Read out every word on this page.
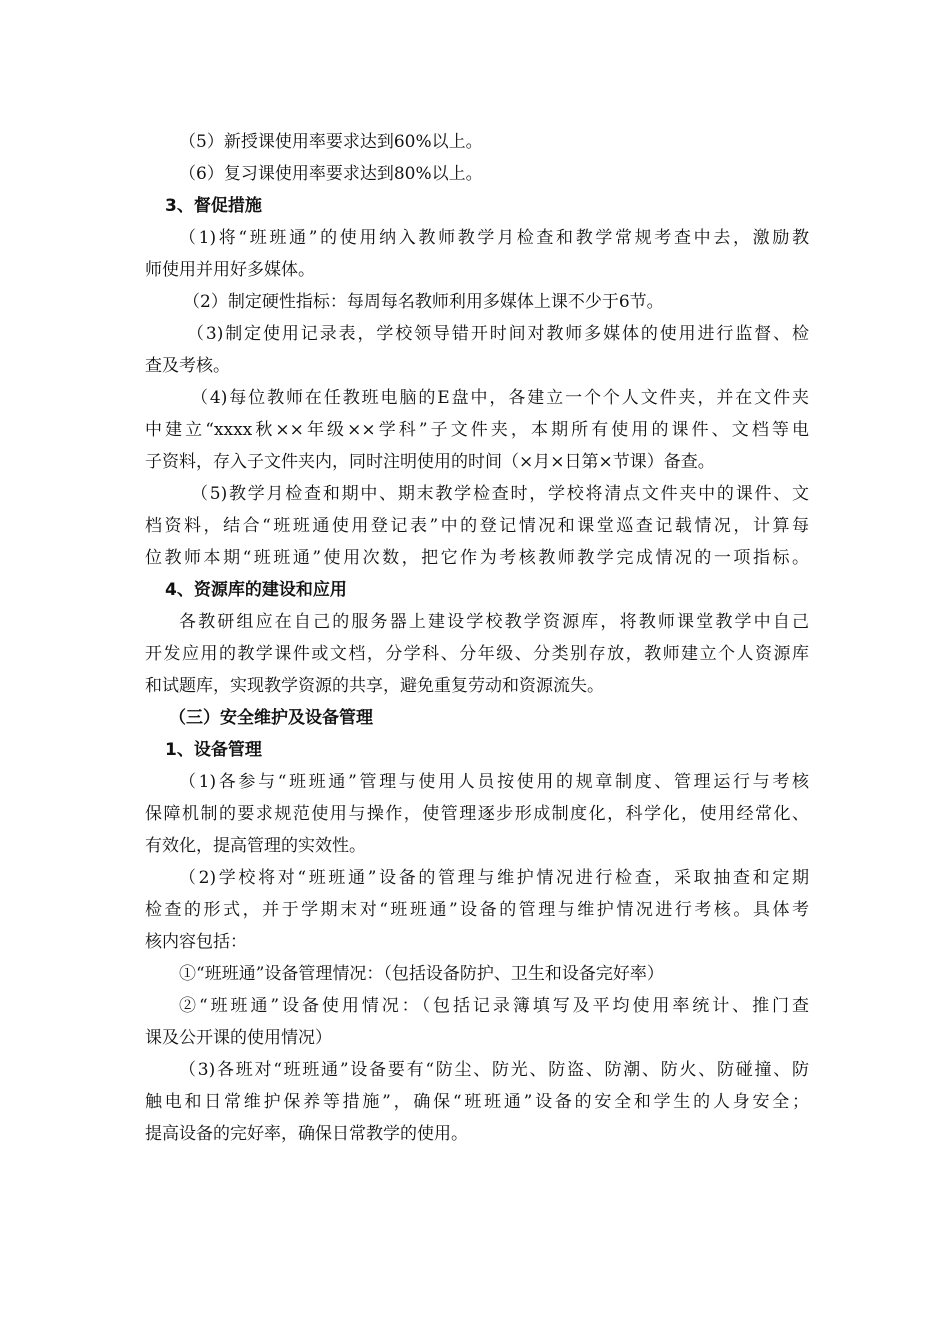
（5）新授课使用率要求达到60%以上。

（6）复习课使用率要求达到80%以上。

3、督促措施

（1)将“班班通”的使用纳入教师教学月检查和教学常规考查中去，激励教

师使用并用好多媒体。

（2）制定硬性指标：每周每名教师利用多媒体上课不少于6节。

（3)制定使用记录表，学校领导错开时间对教师多媒体的使用进行监督、检

查及考核。

（4)每位教师在任教班电脑的E盘中，各建立一个个人文件夹，并在文件夹

中建立“xxxx秋××年级××学科”子文件夹，本期所有使用的课件、文档等电

子资料，存入子文件夹内，同时注明使用的时间（×月×日第×节课）备查。

（5)教学月检查和期中、期末教学检查时，学校将清点文件夹中的课件、文

档资料，结合“班班通使用登记表”中的登记情况和课堂巡查记载情况，计算每

位教师本期“班班通”使用次数，把它作为考核教师教学完成情况的一项指标。

4、资源库的建设和应用

各教研组应在自己的服务器上建设学校教学资源库，将教师课堂教学中自己

开发应用的教学课件或文档，分学科、分年级、分类别存放，教师建立个人资源库

和试题库，实现教学资源的共享，避免重复劳动和资源流失。

（三）安全维护及设备管理

1、设备管理

（1)各参与“班班通”管理与使用人员按使用的规章制度、管理运行与考核

保障机制的要求规范使用与操作，使管理逐步形成制度化，科学化，使用经常化、

有效化，提高管理的实效性。

（2)学校将对“班班通”设备的管理与维护情况进行检查，采取抽查和定期

检查的形式，并于学期末对“班班通”设备的管理与维护情况进行考核。具体考

核内容包括：

①“班班通”设备管理情况：（包括设备防护、卫生和设备完好率）

②“班班通”设备使用情况：（包括记录簿填写及平均使用率统计、推门查

课及公开课的使用情况）

（3)各班对“班班通”设备要有“防尘、防光、防盗、防潮、防火、防碰撞、防

触电和日常维护保养等措施”，确保“班班通”设备的安全和学生的人身安全；

提高设备的完好率，确保日常教学的使用。
